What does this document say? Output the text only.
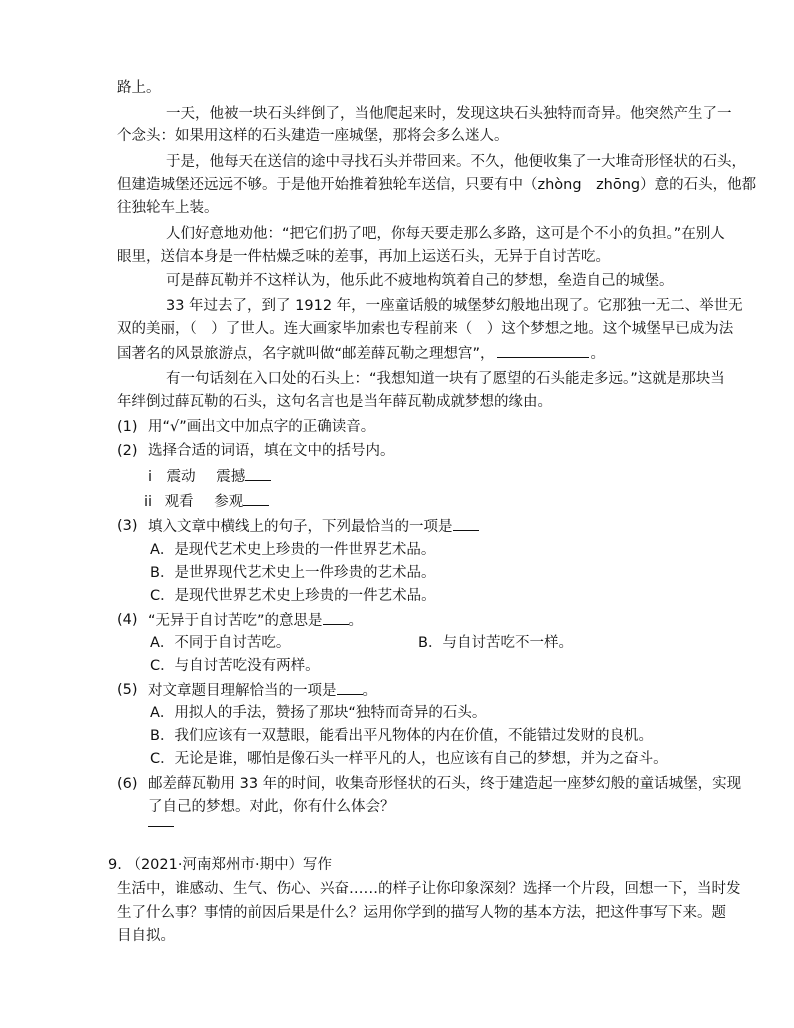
路上。
一天，他被一块石头绊倒了，当他爬起来时，发现这块石头独特而奇异。他突然产生了一
个念头：如果用这样的石头建造一座城堡，那将会多么迷人。
于是，他每天在送信的途中寻找石头并带回来。不久，他便收集了一大堆奇形怪状的石头，
但建造城堡还远远不够。于是他开始推着独轮车送信，只要有中（zhòng　zhōng）意的石头，他都
往独轮车上装。
人们好意地劝他：“把它们扔了吧，你每天要走那么多路，这可是个不小的负担。”在别人
眼里，送信本身是一件枯燥乏味的差事，再加上运送石头，无异于自讨苦吃。
可是薛瓦勒并不这样认为，他乐此不疲地构筑着自己的梦想，垒造自己的城堡。
33 年过去了，到了 1912 年，一座童话般的城堡梦幻般地出现了。它那独一无二、举世无
双的美丽，（　）了世人。连大画家毕加索也专程前来（　）这个梦想之地。这个城堡早已成为法
国著名的风景旅游点，名字就叫做“邮差薛瓦勒之理想宫”，	。
有一句话刻在入口处的石头上：“我想知道一块有了愿望的石头能走多远。”这就是那块当
年绊倒过薛瓦勒的石头，这句名言也是当年薛瓦勒成就梦想的缘由。
(1) 用“√”画出文中加点字的正确读音。
(2) 选择合适的词语，填在文中的括号内。
i 震动 震撼
ii 观看 参观
(3) 填入文章中横线上的句子，下列最恰当的一项是
A．是现代艺术史上珍贵的一件世界艺术品。
B．是世界现代艺术史上一件珍贵的艺术品。
C．是现代世界艺术史上珍贵的一件艺术品。
(4) “无异于自讨苦吃”的意思是 。
A．不同于自讨苦吃。	B．与自讨苦吃不一样。
C．与自讨苦吃没有两样。
(5) 对文章题目理解恰当的一项是 。
A．用拟人的手法，赞扬了那块“独特而奇异的石头。
B．我们应该有一双慧眼，能看出平凡物体的内在价值，不能错过发财的良机。
C．无论是谁，哪怕是像石头一样平凡的人，也应该有自己的梦想，并为之奋斗。
(6) 邮差薛瓦勒用 33 年的时间，收集奇形怪状的石头，终于建造起一座梦幻般的童话城堡，实现
了自己的梦想。对此，你有什么体会？
9. （2021·河南郑州市·期中）写作
生活中，谁感动、生气、伤心、兴奋……的样子让你印象深刻？选择一个片段，回想一下，当时发
生了什么事？事情的前因后果是什么？运用你学到的描写人物的基本方法，把这件事写下来。题
目自拟。
